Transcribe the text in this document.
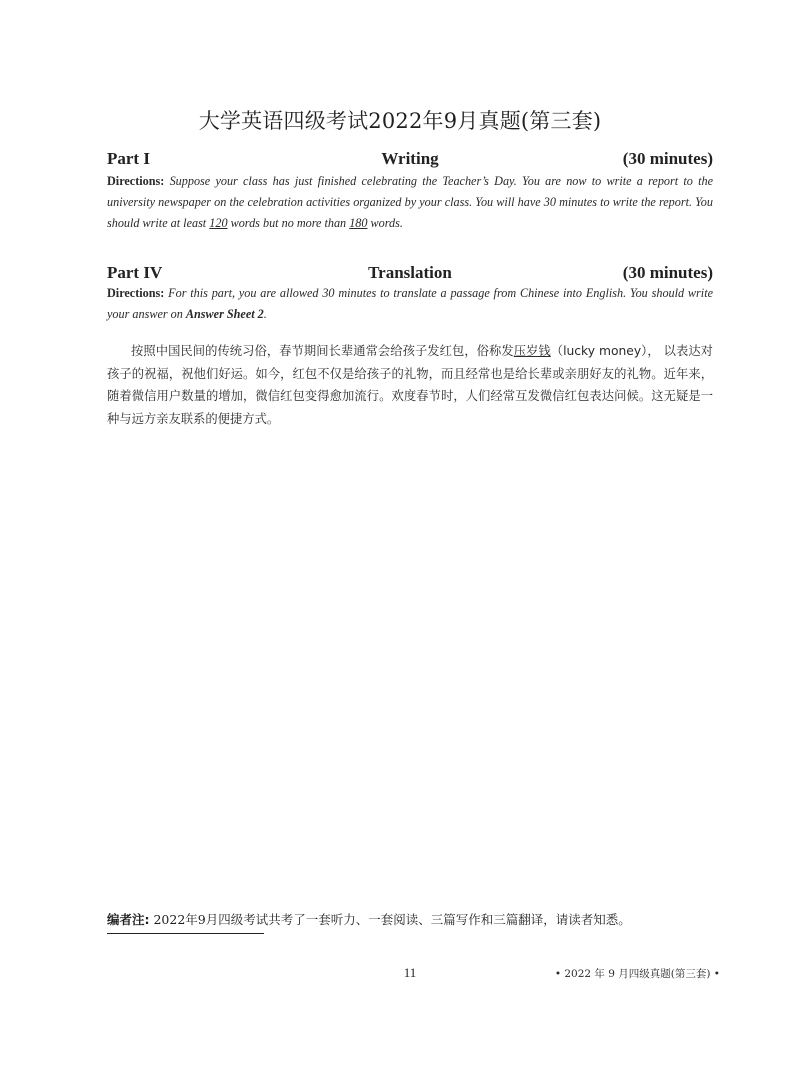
大学英语四级考试2022年9月真题(第三套)
Part I	Writing	(30 minutes)
Directions: Suppose your class has just finished celebrating the Teacher’s Day. You are now to write a report to the university newspaper on the celebration activities organized by your class. You will have 30 minutes to write the report. You should write at least 120 words but no more than 180 words.
Part IV	Translation	(30 minutes)
Directions: For this part, you are allowed 30 minutes to translate a passage from Chinese into English. You should write your answer on Answer Sheet 2.
按照中国民间的传统习俗，春节期间长辈通常会给孩子发红包，俗称发压岁钱（lucky money）， 以表达对孩子的祝福，祝他们好运。如今，红包不仅是给孩子的礼物，而且经常也是给长辈或亲朋好友的礼物。近年来，随着微信用户数量的增加，微信红包变得愈加流行。欢度春节时，人们经常互发微信红包表达问候。这无疑是一种与远方亲友联系的便捷方式。
编者注: 2022年9月四级考试共考了一套听力、一套阅读、三篇写作和三篇翻译，请读者知悉。
11	• 2022 年 9 月四级真题(第三套) •
